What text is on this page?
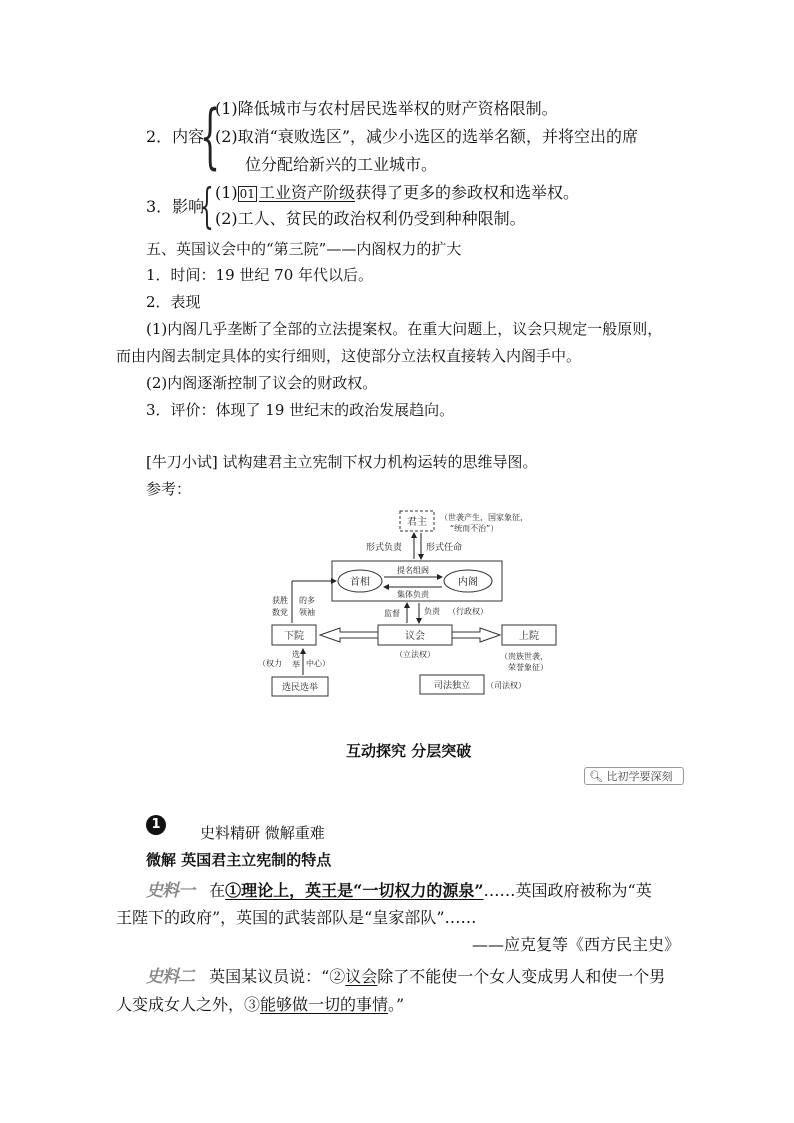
2．内容
{
(1)降低城市与农村居民选举权的财产资格限制。
(2)取消“衰败选区”，减少小选区的选举名额，并将空出的席
位分配给新兴的工业城市。
3．影响
{ (1) 01 工业资产阶级获得了更多的参政权和选举权。
(2)工人、贫民的政治权利仍受到种种限制。
五、英国议会中的“第三院”——内阁权力的扩大
1．时间：19 世纪 70 年代以后。
2．表现
(1)内阁几乎垄断了全部的立法提案权。在重大问题上，议会只规定一般原则，
而由内阁去制定具体的实行细则，这使部分立法权直接转入内阁手中。
(2)内阁逐渐控制了议会的财政权。
3．评价：体现了 19 世纪末的政治发展趋向。
[牛刀小试] 试构建君主立宪制下权力机构运转的思维导图。
参考：
君主 （世袭产生，国家象征，
“统而不治”）
形式负责	形式任命
首相	内阁
提名组阁
集体负责
获胜
数党
的多
领袖	监督	负责 （行政权）
下院	议会	上院
（立法权）
（权力	中心）
选
举
（贵族世袭，
荣誉象征）
选民选举	司法独立 （司法权）
互动探究 分层突破
🔍︎ 比初学要深刻
1	史料精研 微解重难
微解 英国君主立宪制的特点
史料一 在①理论上，英王是“一切权力的源泉”……英国政府被称为“英
王陛下的政府”，英国的武装部队是“皇家部队”……
——应克复等《西方民主史》
史料二 英国某议员说：“②议会除了不能使一个女人变成男人和使一个男
人变成女人之外，③能够做一切的事情。”
